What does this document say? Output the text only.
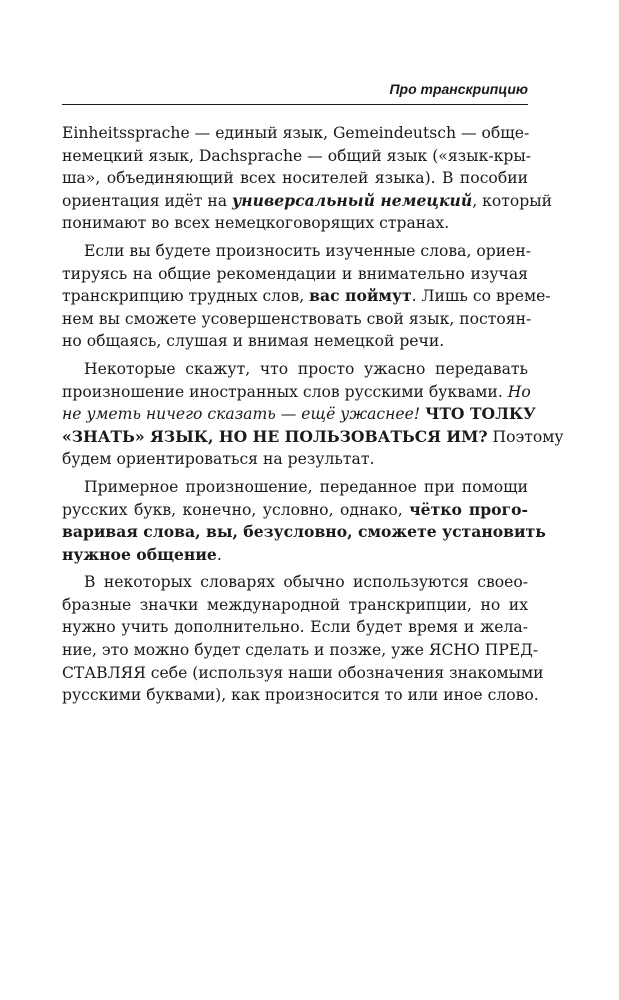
Про транскрипцию
Einheitssprache — единый язык, Gemeindeutsch — обще-
немецкий язык, Dachsprache — общий язык («язык-кры-
ша», объединяющий всех носителей языка). В пособии
ориентация идёт на универсальный немецкий, который
понимают во всех немецкоговорящих странах.
Если вы будете произносить изученные слова, ориен-
тируясь на общие рекомендации и внимательно изучая
транскрипцию трудных слов, вас поймут. Лишь со време-
нем вы сможете усовершенствовать свой язык, постоян-
но общаясь, слушая и внимая немецкой речи.
Некоторые скажут, что просто ужасно передавать
произношение иностранных слов русскими буквами. Но
не уметь ничего сказать — ещё ужаснее! ЧТО ТОЛКУ
«ЗНАТЬ» ЯЗЫК, НО НЕ ПОЛЬЗОВАТЬСЯ ИМ? Поэтому
будем ориентироваться на результат.
Примерное произношение, переданное при помощи
русских букв, конечно, условно, однако, чётко прого-
варивая слова, вы, безусловно, сможете установить
нужное общение.
В некоторых словарях обычно используются своео-
бразные значки международной транскрипции, но их
нужно учить дополнительно. Если будет время и жела-
ние, это можно будет сделать и позже, уже ЯСНО ПРЕД-
СТАВЛЯЯ себе (используя наши обозначения знакомыми
русскими буквами), как произносится то или иное слово.
